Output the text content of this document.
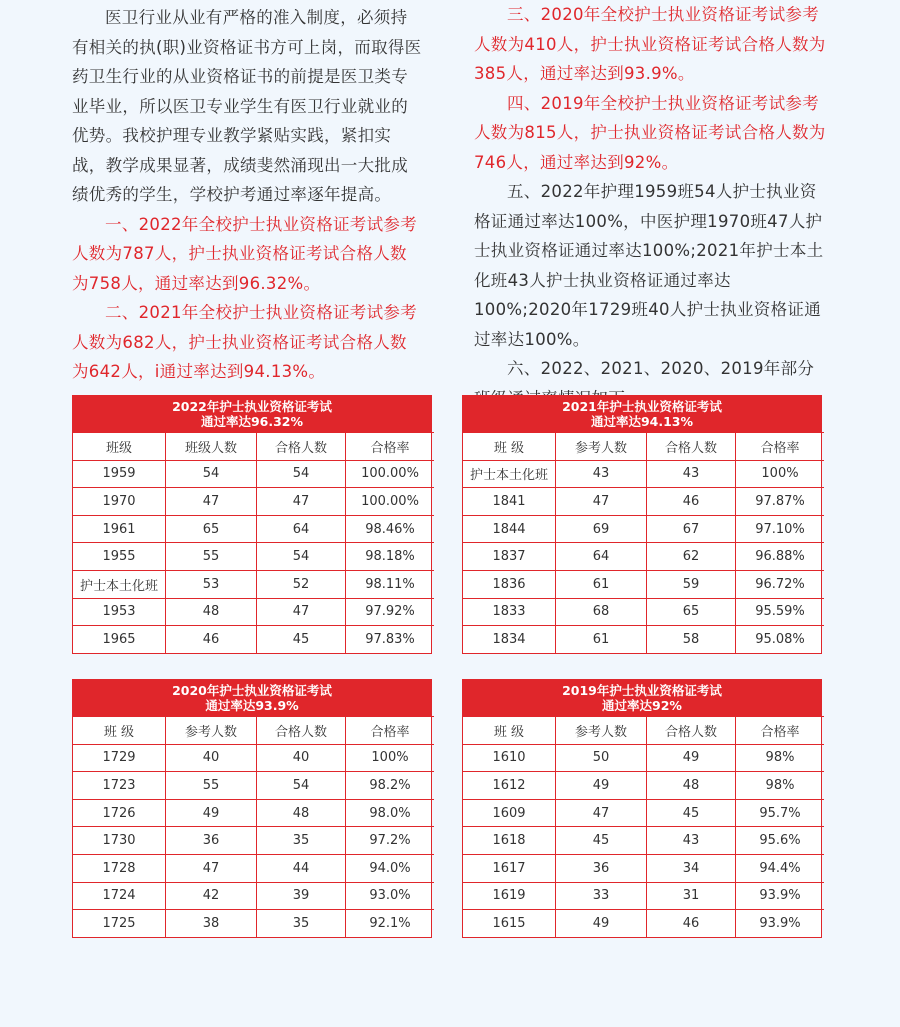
医卫行业从业有严格的准入制度，必须持有相关的执(职)业资格证书方可上岗，而取得医药卫生行业的从业资格证书的前提是医卫类专业毕业，所以医卫专业学生有医卫行业就业的优势。我校护理专业教学紧贴实践，紧扣实战，教学成果显著，成绩斐然涌现出一大批成绩优秀的学生，学校护考通过率逐年提高。

一、2022年全校护士执业资格证考试参考人数为787人，护士执业资格证考试合格人数为758人，通过率达到96.32%。

二、2021年全校护士执业资格证考试参考人数为682人，护士执业资格证考试合格人数为642人，i通过率达到94.13%。

三、2020年全校护士执业资格证考试参考人数为410人，护士执业资格证考试合格人数为385人，通过率达到93.9%。

四、2019年全校护士执业资格证考试参考人数为815人，护士执业资格证考试合格人数为746人，通过率达到92%。

五、2022年护理1959班54人护士执业资格证通过率达100%，中医护理1970班47人护士执业资格证通过率达100%;2021年护士本土化班43人护士执业资格证通过率达100%;2020年1729班40人护士执业资格证通过率达100%。

六、2022、2021、2020、2019年部分

2022年护士执业资格证考试
通过率达96.32%
班级	班级人数	合格人数	合格率
1959	54	54	100.00%
1970	47	47	100.00%
1961	65	64	98.46%
1955	55	54	98.18%
护士本土化班	53	52	98.11%
1953	48	47	97.92%
1965	46	45	97.83%
2021年护士执业资格证考试
通过率达94.13%
班 级	参考人数	合格人数	合格率
护士本土化班	43	43	100%
1841	47	46	97.87%
1844	69	67	97.10%
1837	64	62	96.88%
1836	61	59	96.72%
1833	68	65	95.59%
1834	61	58	95.08%
2020年护士执业资格证考试
通过率达93.9%
班 级	参考人数	合格人数	合格率
1729	40	40	100%
1723	55	54	98.2%
1726	49	48	98.0%
1730	36	35	97.2%
1728	47	44	94.0%
1724	42	39	93.0%
1725	38	35	92.1%
2019年护士执业资格证考试
通过率达92%
班 级	参考人数	合格人数	合格率
1610	50	49	98%
1612	49	48	98%
1609	47	45	95.7%
1618	45	43	95.6%
1617	36	34	94.4%
1619	33	31	93.9%
1615	49	46	93.9%
